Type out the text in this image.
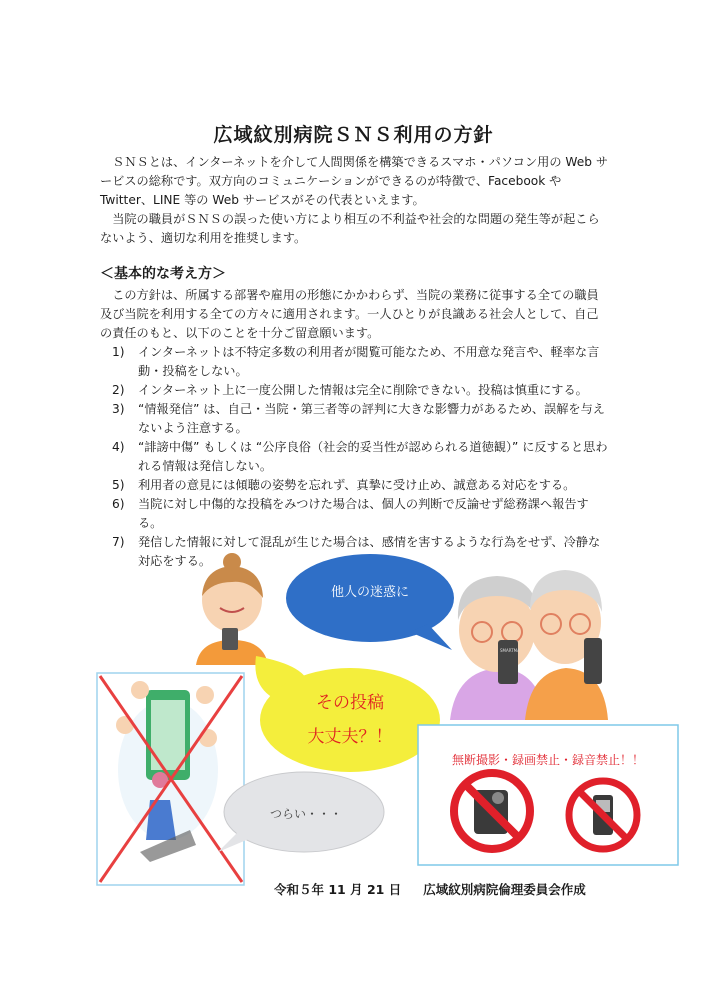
広域紋別病院ＳＮＳ利用の方針
ＳＮＳとは、インターネットを介して人間関係を構築できるスマホ・パソコン用の Web サービスの総称です。双方向のコミュニケーションができるのが特徴で、Facebook や Twitter、LINE 等の Web サービスがその代表といえます。
当院の職員がＳＮＳの誤った使い方により相互の不利益や社会的な問題の発生等が起こらないよう、適切な利用を推奨します。
＜基本的な考え方＞
この方針は、所属する部署や雇用の形態にかかわらず、当院の業務に従事する全ての職員及び当院を利用する全ての方々に適用されます。一人ひとりが良識ある社会人として、自己の責任のもと、以下のことを十分ご留意願います。
1) インターネットは不特定多数の利用者が閲覧可能なため、不用意な発言や、軽率な言動・投稿をしない。
2) インターネット上に一度公開した情報は完全に削除できない。投稿は慎重にする。
3) “情報発信” は、自己・当院・第三者等の評判に大きな影響力があるため、誤解を与えないよう注意する。
4) “誹謗中傷” もしくは “公序良俗（社会的妥当性が認められる道徳観）” に反すると思われる情報は発信しない。
5) 利用者の意見には傾聴の姿勢を忘れず、真摯に受け止め、誠意ある対応をする。
6) 当院に対し中傷的な投稿をみつけた場合は、個人の判断で反論せず総務課へ報告する。
7) 発信した情報に対して混乱が生じた場合は、感情を害するような行為をせず、冷静な対応をする。
SMARTMA
他人の迷惑に
その投稿
大丈夫？！
つらい・・・
無断撮影・録画禁止・録音禁止！！
令和５年 11 月 21 日 広域紋別病院倫理委員会作成
